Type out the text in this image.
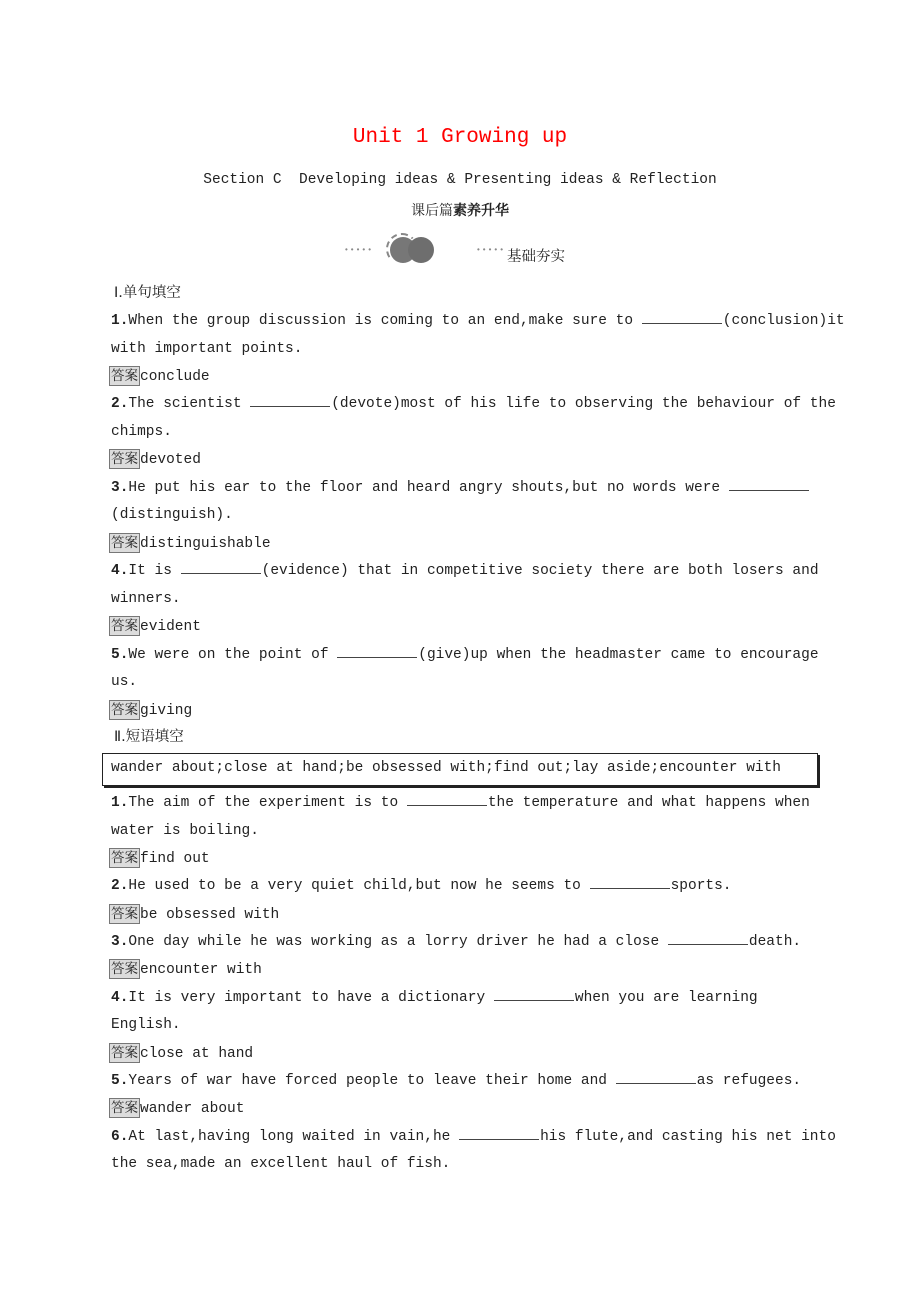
Unit 1 Growing up
Section C  Developing ideas & Presenting ideas & Reflection
课后篇素养升华
•••••	••••• 基础夯实
Ⅰ.单句填空
1.When the group discussion is coming to an end,make sure to	(conclusion)it
with important points.
答案 conclude
2.The scientist	(devote)most of his life to observing the behaviour of the
chimps.
答案 devoted
3.He put his ear to the floor and heard angry shouts,but no words were
(distinguish).
答案 distinguishable
4.It is	(evidence) that in competitive society there are both losers and
winners.
答案 evident
5.We were on the point of	(give)up when the headmaster came to encourage
us.
答案 giving
Ⅱ.短语填空
wander about;close at hand;be obsessed with;find out;lay aside;encounter with
1.The aim of the experiment is to	the temperature and what happens when
water is boiling.
答案 find out
2.He used to be a very quiet child,but now he seems to	sports.
答案 be obsessed with
3.One day while he was working as a lorry driver he had a close	death.
答案 encounter with
4.It is very important to have a dictionary	when you are learning
English.
答案 close at hand
5.Years of war have forced people to leave their home and	as refugees.
答案 wander about
6.At last,having long waited in vain,he	his flute,and casting his net into
the sea,made an excellent haul of fish.
